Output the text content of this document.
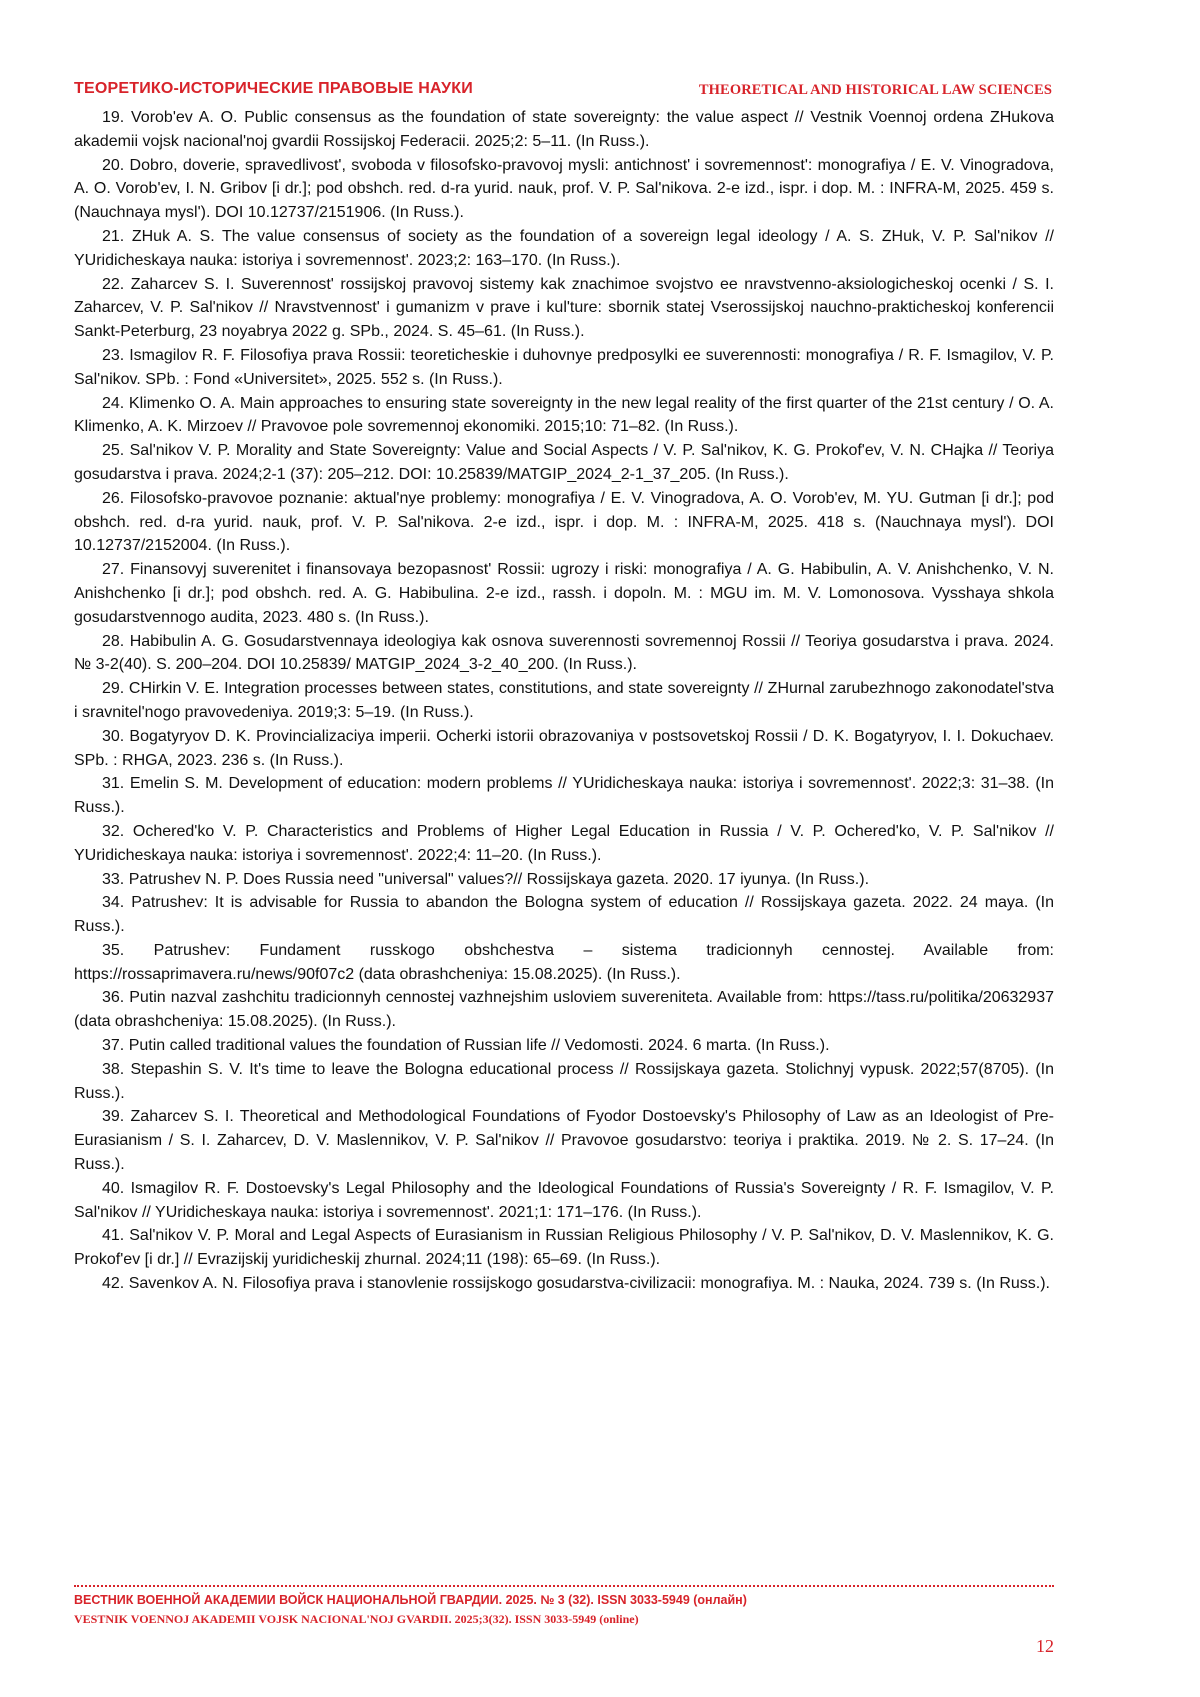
ТЕОРЕТИКО-ИСТОРИЧЕСКИЕ ПРАВОВЫЕ НАУКИ	THEORETICAL AND HISTORICAL LAW SCIENCES

19. Vorob'ev A. O. Public consensus as the foundation of state sovereignty: the value aspect // Vestnik Voennoj ordena ZHukova akademii vojsk nacional'noj gvardii Rossijskoj Federacii. 2025;2: 5–11. (In Russ.).

20. Dobro, doverie, spravedlivost', svoboda v filosofsko-pravovoj mysli: antichnost' i sovremennost': monografiya / E. V. Vinogradova, A. O. Vorob'ev, I. N. Gribov [i dr.]; pod obshch. red. d-ra yurid. nauk, prof. V. P. Sal'nikova. 2-e izd., ispr. i dop. M. : INFRA-M, 2025. 459 s. (Nauchnaya mysl'). DOI 10.12737/2151906. (In Russ.).

21. ZHuk A. S. The value consensus of society as the foundation of a sovereign legal ideology / A. S. ZHuk, V. P. Sal'nikov // YUridicheskaya nauka: istoriya i sovremennost'. 2023;2: 163–170. (In Russ.).

22. Zaharcev S. I. Suverennost' rossijskoj pravovoj sistemy kak znachimoe svojstvo ee nravstvenno-aksiologicheskoj ocenki / S. I. Zaharcev, V. P. Sal'nikov // Nravstvennost' i gumanizm v prave i kul'ture: sbornik statej Vserossijskoj nauchno-prakticheskoj konferencii Sankt-Peterburg, 23 noyabrya 2022 g. SPb., 2024. S. 45–61. (In Russ.).

23. Ismagilov R. F. Filosofiya prava Rossii: teoreticheskie i duhovnye predposylki ee suverennosti: monografiya / R. F. Ismagilov, V. P. Sal'nikov. SPb. : Fond «Universitet», 2025. 552 s. (In Russ.).

24. Klimenko O. A. Main approaches to ensuring state sovereignty in the new legal reality of the first quarter of the 21st century / O. A. Klimenko, A. K. Mirzoev // Pravovoe pole sovremennoj ekonomiki. 2015;10: 71–82. (In Russ.).

25. Sal'nikov V. P. Morality and State Sovereignty: Value and Social Aspects / V. P. Sal'nikov, K. G. Prokof'ev, V. N. CHajka // Teoriya gosudarstva i prava. 2024;2-1 (37): 205–212. DOI: 10.25839/MATGIP_2024_2-1_37_205. (In Russ.).

26. Filosofsko-pravovoe poznanie: aktual'nye problemy: monografiya / E. V. Vinogradova, A. O. Vorob'ev, M. YU. Gutman [i dr.]; pod obshch. red. d-ra yurid. nauk, prof. V. P. Sal'nikova. 2-e izd., ispr. i dop. M. : INFRA-M, 2025. 418 s. (Nauchnaya mysl'). DOI 10.12737/2152004. (In Russ.).

27. Finansovyj suverenitet i finansovaya bezopasnost' Rossii: ugrozy i riski: monografiya / A. G. Habibulin, A. V. Anishchenko, V. N. Anishchenko [i dr.]; pod obshch. red. A. G. Habibulina. 2-e izd., rassh. i dopoln. M. : MGU im. M. V. Lomonosova. Vysshaya shkola gosudarstvennogo audita, 2023. 480 s. (In Russ.).

28. Habibulin A. G. Gosudarstvennaya ideologiya kak osnova suverennosti sovremennoj Rossii // Teoriya gosudarstva i prava. 2024. № 3-2(40). S. 200–204. DOI 10.25839/ MATGIP_2024_3-2_40_200. (In Russ.).

29. CHirkin V. E. Integration processes between states, constitutions, and state sovereignty // ZHurnal zarubezhnogo zakonodatel'stva i sravnitel'nogo pravovedeniya. 2019;3: 5–19. (In Russ.).

30. Bogatyryov D. K. Provincializaciya imperii. Ocherki istorii obrazovaniya v postsovetskoj Rossii / D. K. Bogatyryov, I. I. Dokuchaev. SPb. : RHGA, 2023. 236 s. (In Russ.).

31. Emelin S. M. Development of education: modern problems // YUridicheskaya nauka: istoriya i sovremennost'. 2022;3: 31–38. (In Russ.).

32. Ochered'ko V. P. Characteristics and Problems of Higher Legal Education in Russia / V. P. Ochered'ko, V. P. Sal'nikov // YUridicheskaya nauka: istoriya i sovremennost'. 2022;4: 11–20. (In Russ.).

33. Patrushev N. P. Does Russia need "universal" values?// Rossijskaya gazeta. 2020. 17 iyunya. (In Russ.).

34. Patrushev: It is advisable for Russia to abandon the Bologna system of education // Rossijskaya gazeta. 2022. 24 maya. (In Russ.).

35. Patrushev: Fundament russkogo obshchestva – sistema tradicionnyh cennostej. Available from: https://rossaprimavera.ru/news/90f07c2 (data obrashcheniya: 15.08.2025). (In Russ.).

36. Putin nazval zashchitu tradicionnyh cennostej vazhnejshim usloviem suvereniteta. Available from: https://tass.ru/politika/20632937 (data obrashcheniya: 15.08.2025). (In Russ.).

37. Putin called traditional values the foundation of Russian life // Vedomosti. 2024. 6 marta. (In Russ.).

38. Stepashin S. V. It's time to leave the Bologna educational process // Rossijskaya gazeta. Stolichnyj vypusk. 2022;57(8705). (In Russ.).

39. Zaharcev S. I. Theoretical and Methodological Foundations of Fyodor Dostoevsky's Philosophy of Law as an Ideologist of Pre-Eurasianism / S. I. Zaharcev, D. V. Maslennikov, V. P. Sal'nikov // Pravovoe gosudarstvo: teoriya i praktika. 2019. № 2. S. 17–24. (In Russ.).

40. Ismagilov R. F. Dostoevsky's Legal Philosophy and the Ideological Foundations of Russia's Sovereignty / R. F. Ismagilov, V. P. Sal'nikov // YUridicheskaya nauka: istoriya i sovremennost'. 2021;1: 171–176. (In Russ.).

41. Sal'nikov V. P. Moral and Legal Aspects of Eurasianism in Russian Religious Philosophy / V. P. Sal'nikov, D. V. Maslennikov, K. G. Prokof'ev [i dr.] // Evrazijskij yuridicheskij zhurnal. 2024;11 (198): 65–69. (In Russ.).

42. Savenkov A. N. Filosofiya prava i stanovlenie rossijskogo gosudarstva-civilizacii: monografiya. M. : Nauka, 2024. 739 s. (In Russ.).

ВЕСТНИК ВОЕННОЙ АКАДЕМИИ ВОЙСК НАЦИОНАЛЬНОЙ ГВАРДИИ. 2025. № 3 (32). ISSN 3033-5949 (онлайн)
VESTNIK VOENNOJ AKADEMII VOJSK NACIONAL'NOJ GVARDII. 2025;3(32). ISSN 3033-5949 (online)
12
